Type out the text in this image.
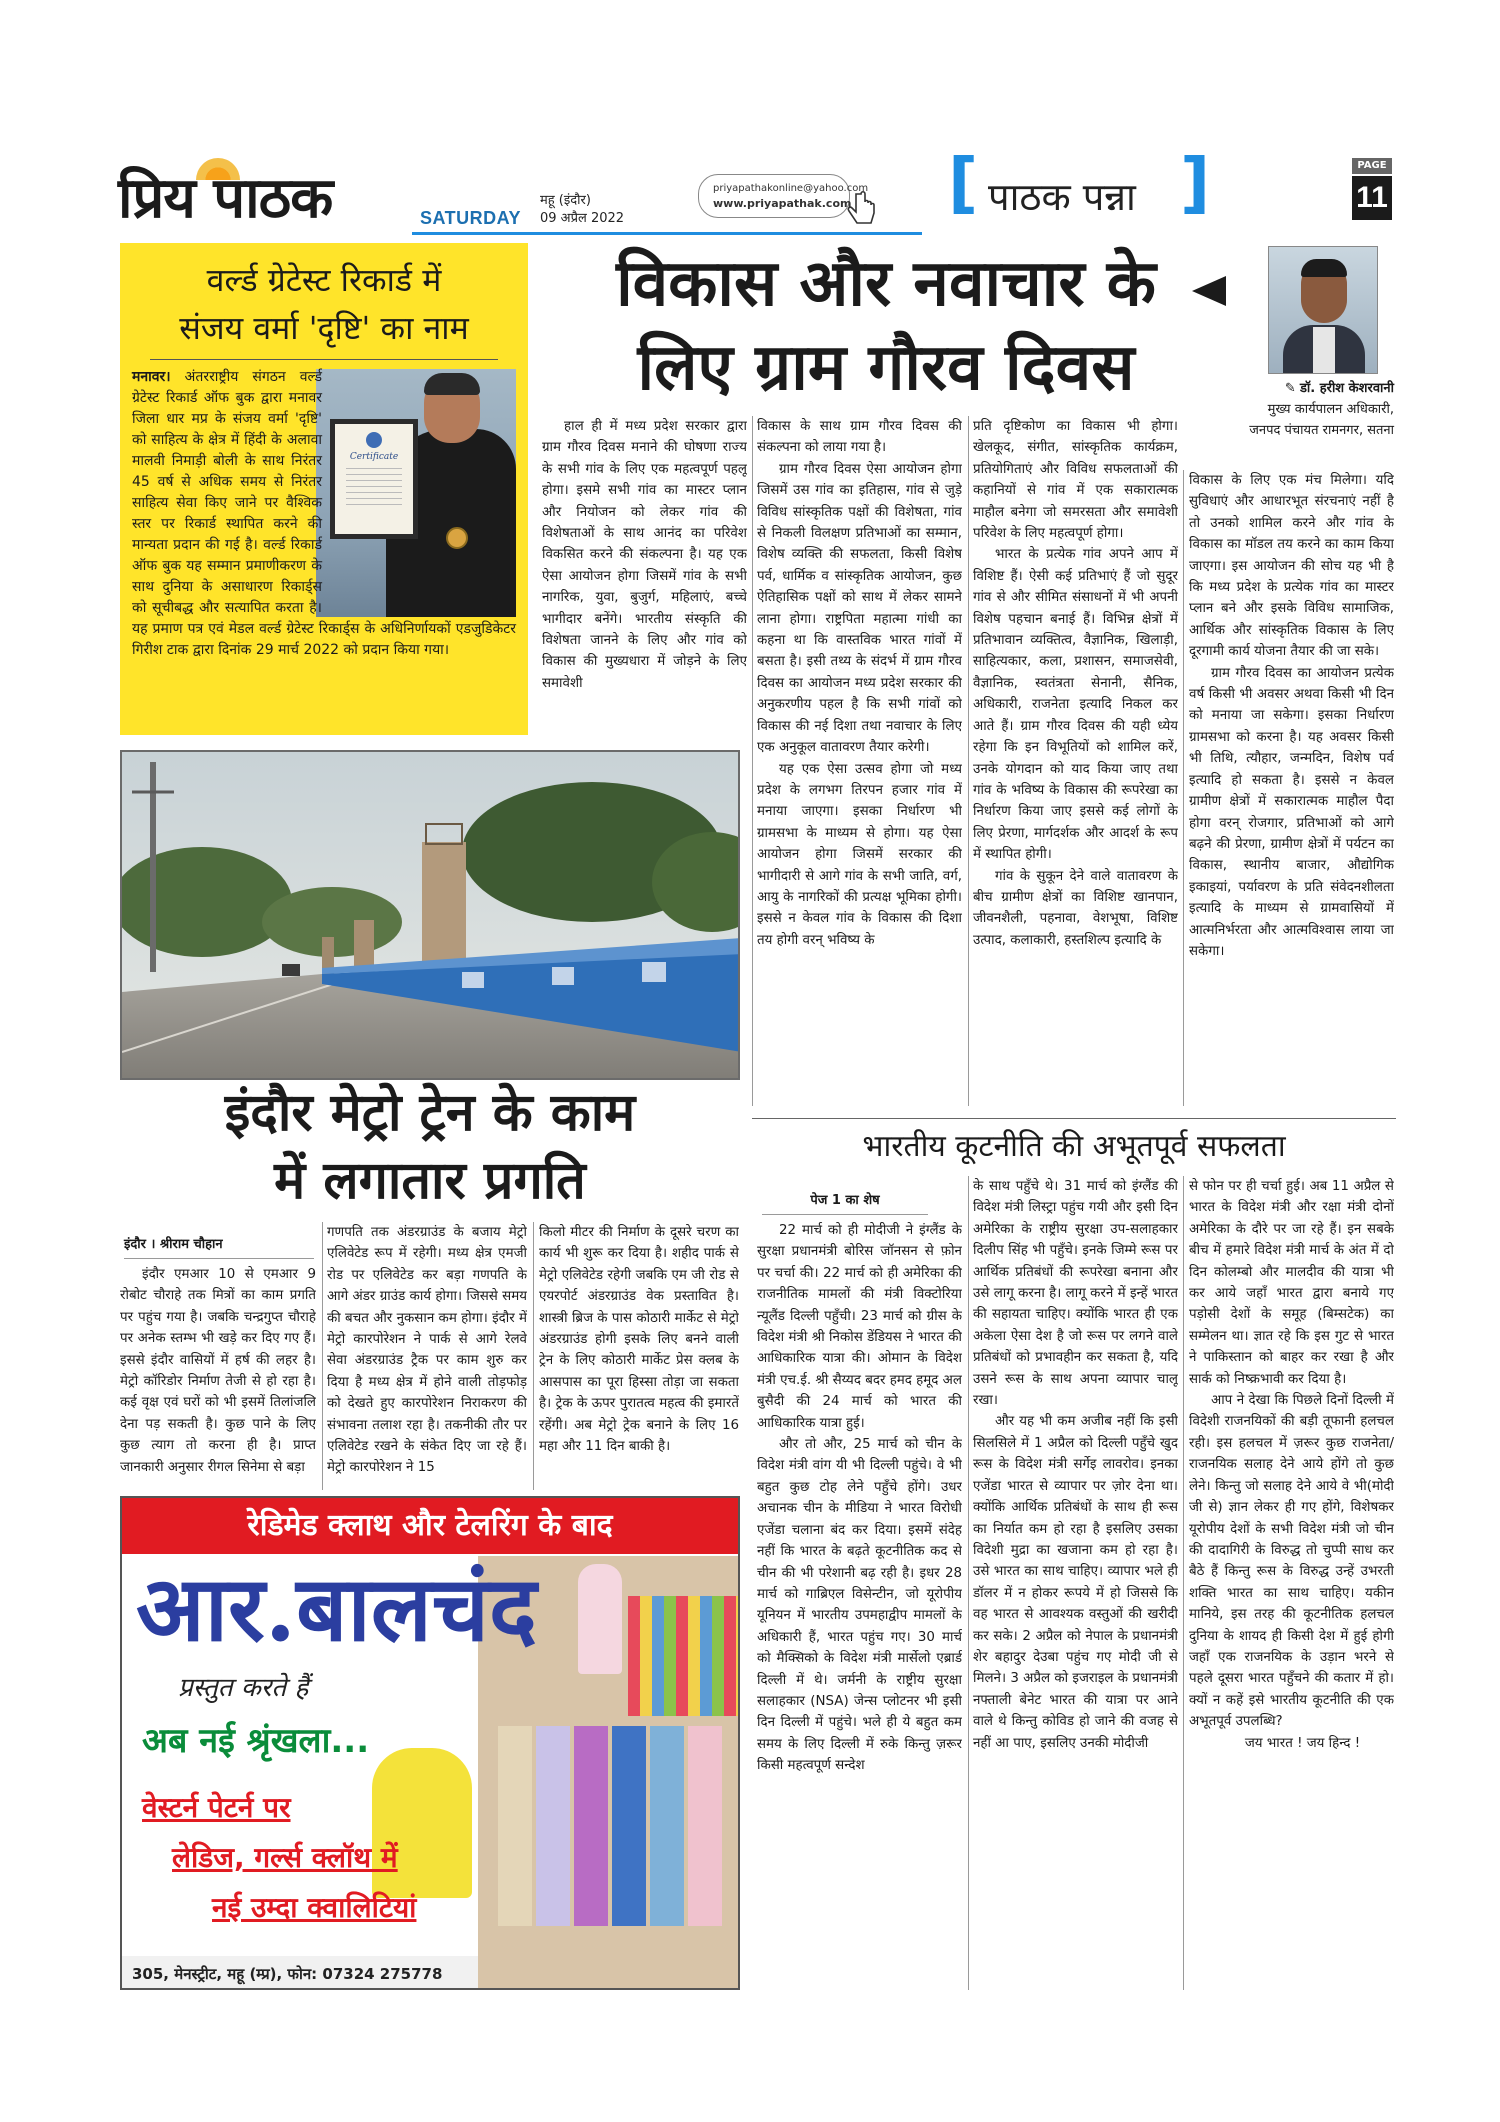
प्रिय पाठक	SATURDAY
महू (इंदौर)
09 अप्रैल 2022
priyapathakonline@yahoo.com
www.priyapathak.com [ पाठक पन्ना ]	PAGE
11
वर्ल्ड ग्रेटेस्ट रिकार्ड में
संजय वर्मा 'दृष्टि' का नाम
Certificate
मनावर। अंतरराष्ट्रीय संगठन वर्ल्ड ग्रेटेस्ट रिकार्ड ऑफ बुक द्वारा मनावर जिला धार मप्र के संजय वर्मा 'दृष्टि' को साहित्य के क्षेत्र में हिंदी के अलावा मालवी निमाड़ी बोली के साथ निरंतर 45 वर्ष से अधिक समय से निरंतर साहित्य सेवा किए जाने पर वैश्विक स्तर पर रिकार्ड स्थापित करने की मान्यता प्रदान की गई है। वर्ल्ड रिकार्ड ऑफ बुक यह सम्मान प्रमाणीकरण के साथ दुनिया के असाधारण रिकार्ड्स को सूचीबद्ध और सत्यापित करता है। यह प्रमाण पत्र एवं मेडल वर्ल्ड ग्रेटेस्ट रिकार्ड्स के अधिनिर्णायकों एडजुडिकेटर गिरीश टाक द्वारा दिनांक 29 मार्च 2022 को प्रदान किया गया।
विकास और नवाचार के
लिए ग्राम गौरव दिवस	✎ डॉ. हरीश केशरवानी
मुख्य कार्यपालन अधिकारी,
जनपद पंचायत रामनगर, सतना

हाल ही में मध्य प्रदेश सरकार द्वारा ग्राम गौरव दिवस मनाने की घोषणा राज्य के सभी गांव के लिए एक महत्वपूर्ण पहलू होगा। इसमे सभी गांव का मास्टर प्लान और नियोजन को लेकर गांव की विशेषताओं के साथ आनंद का परिवेश विकसित करने की संकल्पना है। यह एक ऐसा आयोजन होगा जिसमें गांव के सभी नागरिक, युवा, बुजुर्ग, महिलाएं, बच्चे भागीदार बनेंगे। भारतीय संस्कृति की विशेषता जानने के लिए और गांव को विकास की मुख्यधारा में जोड़ने के लिए समावेशी

विकास के साथ ग्राम गौरव दिवस की संकल्पना को लाया गया है।

ग्राम गौरव दिवस ऐसा आयोजन होगा जिसमें उस गांव का इतिहास, गांव से जुड़े विविध सांस्कृतिक पक्षों की विशेषता, गांव से निकली विलक्षण प्रतिभाओं का सम्मान, विशेष व्यक्ति की सफलता, किसी विशेष पर्व, धार्मिक व सांस्कृतिक आयोजन, कुछ ऐतिहासिक पक्षों को साथ में लेकर सामने लाना होगा। राष्ट्रपिता महात्मा गांधी का कहना था कि वास्तविक भारत गांवों में बसता है। इसी तथ्य के संदर्भ में ग्राम गौरव दिवस का आयोजन मध्य प्रदेश सरकार की अनुकरणीय पहल है कि सभी गांवों को विकास की नई दिशा तथा नवाचार के लिए एक अनुकूल वातावरण तैयार करेगी।

यह एक ऐसा उत्सव होगा जो मध्य प्रदेश के लगभग तिरपन हजार गांव में मनाया जाएगा। इसका निर्धारण भी ग्रामसभा के माध्यम से होगा। यह ऐसा आयोजन होगा जिसमें सरकार की भागीदारी से आगे गांव के सभी जाति, वर्ग, आयु के नागरिकों की प्रत्यक्ष भूमिका होगी। इससे न केवल गांव के विकास की दिशा तय होगी वरन् भविष्य के

प्रति दृष्टिकोण का विकास भी होगा। खेलकूद, संगीत, सांस्कृतिक कार्यक्रम, प्रतियोगिताएं और विविध सफलताओं की कहानियों से गांव में एक सकारात्मक माहौल बनेगा जो समरसता और समावेशी परिवेश के लिए महत्वपूर्ण होगा।

भारत के प्रत्येक गांव अपने आप में विशिष्ट हैं। ऐसी कई प्रतिभाएं हैं जो सुदूर गांव से और सीमित संसाधनों में भी अपनी विशेष पहचान बनाई हैं। विभिन्न क्षेत्रों में प्रतिभावान व्यक्तित्व, वैज्ञानिक, खिलाड़ी, साहित्यकार, कला, प्रशासन, समाजसेवी, वैज्ञानिक, स्वतंत्रता सेनानी, सैनिक, अधिकारी, राजनेता इत्यादि निकल कर आते हैं। ग्राम गौरव दिवस की यही ध्येय रहेगा कि इन विभूतियों को शामिल करें, उनके योगदान को याद किया जाए तथा गांव के भविष्य के विकास की रूपरेखा का निर्धारण किया जाए इससे कई लोगों के लिए प्रेरणा, मार्गदर्शक और आदर्श के रूप में स्थापित होगी।

गांव के सुकून देने वाले वातावरण के बीच ग्रामीण क्षेत्रों का विशिष्ट खानपान, जीवनशैली, पहनावा, वेशभूषा, विशिष्ट उत्पाद, कलाकारी, हस्तशिल्प इत्यादि के

विकास के लिए एक मंच मिलेगा। यदि सुविधाएं और आधारभूत संरचनाएं नहीं है तो उनको शामिल करने और गांव के विकास का मॉडल तय करने का काम किया जाएगा। इस आयोजन की सोच यह भी है कि मध्य प्रदेश के प्रत्येक गांव का मास्टर प्लान बने और इसके विविध सामाजिक, आर्थिक और सांस्कृतिक विकास के लिए दूरगामी कार्य योजना तैयार की जा सके।

ग्राम गौरव दिवस का आयोजन प्रत्येक वर्ष किसी भी अवसर अथवा किसी भी दिन को मनाया जा सकेगा। इसका निर्धारण ग्रामसभा को करना है। यह अवसर किसी भी तिथि, त्यौहार, जन्मदिन, विशेष पर्व इत्यादि हो सकता है। इससे न केवल ग्रामीण क्षेत्रों में सकारात्मक माहौल पैदा होगा वरन् रोजगार, प्रतिभाओं को आगे बढ़ने की प्रेरणा, ग्रामीण क्षेत्रों में पर्यटन का विकास, स्थानीय बाजार, औद्योगिक इकाइयां, पर्यावरण के प्रति संवेदनशीलता इत्यादि के माध्यम से ग्रामवासियों में आत्मनिर्भरता और आत्मविश्वास लाया जा सकेगा।

इंदौर मेट्रो ट्रेन के काम
में लगातार प्रगति
इंदौर । श्रीराम चौहान

इंदौर एमआर 10 से एमआर 9 रोबोट चौराहे तक मित्रों का काम प्रगति पर पहुंच गया है। जबकि चन्द्रगुप्त चौराहे पर अनेक स्तम्भ भी खड़े कर दिए गए हैं। इससे इंदौर वासियों में हर्ष की लहर है। मेट्रो कॉरिडोर निर्माण तेजी से हो रहा है। कई वृक्ष एवं घरों को भी इसमें तिलांजलि देना पड़ सकती है। कुछ पाने के लिए कुछ त्याग तो करना ही है। प्राप्त जानकारी अनुसार रीगल सिनेमा से बड़ा

गणपति तक अंडरग्राउंड के बजाय मेट्रो एलिवेटेड रूप में रहेगी। मध्य क्षेत्र एमजी रोड पर एलिवेटेड कर बड़ा गणपति के आगे अंडर ग्राउंड कार्य होगा। जिससे समय की बचत और नुकसान कम होगा। इंदौर में मेट्रो कारपोरेशन ने पार्क से आगे रेलवे सेवा अंडरग्राउंड ट्रैक पर काम शुरु कर दिया है मध्य क्षेत्र में होने वाली तोड़फोड़ को देखते हुए कारपोरेशन निराकरण की संभावना तलाश रहा है। तकनीकी तौर पर एलिवेटेड रखने के संकेत दिए जा रहे हैं। मेट्रो कारपोरेशन ने 15

किलो मीटर की निर्माण के दूसरे चरण का कार्य भी शुरू कर दिया है। शहीद पार्क से मेट्रो एलिवेटेड रहेगी जबकि एम जी रोड से एयरपोर्ट अंडरग्राउंड वेक प्रस्तावित है। शास्त्री ब्रिज के पास कोठारी मार्केट से मेट्रो अंडरग्राउंड होगी इसके लिए बनने वाली ट्रेन के लिए कोठारी मार्केट प्रेस क्लब के आसपास का पूरा हिस्सा तोड़ा जा सकता है। ट्रेक के ऊपर पुरातत्व महत्व की इमारतें रहेंगी। अब मेट्रो ट्रेक बनाने के लिए 16 महा और 11 दिन बाकी है।

भारतीय कूटनीति की अभूतपूर्व सफलता
पेज 1 का शेष

22 मार्च को ही मोदीजी ने इंग्लैंड के सुरक्षा प्रधानमंत्री बोरिस जॉनसन से फ़ोन पर चर्चा की। 22 मार्च को ही अमेरिका की राजनीतिक मामलों की मंत्री विक्टोरिया न्यूलैंड दिल्ली पहुँची। 23 मार्च को ग्रीस के विदेश मंत्री श्री निकोस डेंडियस ने भारत की आधिकारिक यात्रा की। ओमान के विदेश मंत्री एच.ई. श्री सैय्यद बदर हमद हमूद अल बुसैदी की 24 मार्च को भारत की आधिकारिक यात्रा हुई।

और तो और, 25 मार्च को चीन के विदेश मंत्री वांग यी भी दिल्ली पहुंचे। वे भी बहुत कुछ टोह लेने पहुँचे होंगे। उधर अचानक चीन के मीडिया ने भारत विरोधी एजेंडा चलाना बंद कर दिया। इसमें संदेह नहीं कि भारत के बढ़ते कूटनीतिक कद से चीन की भी परेशानी बढ़ रही है। इधर 28 मार्च को गाब्रिएल विसेन्टीन, जो यूरोपीय यूनियन में भारतीय उपमहाद्वीप मामलों के अधिकारी हैं, भारत पहुंच गए। 30 मार्च को मैक्सिको के विदेश मंत्री मार्सेलो एब्रार्ड दिल्ली में थे। जर्मनी के राष्ट्रीय सुरक्षा सलाहकार (NSA) जेन्स प्लोटनर भी इसी दिन दिल्ली में पहुंचे। भले ही ये बहुत कम समय के लिए दिल्ली में रुके किन्तु ज़रूर किसी महत्वपूर्ण सन्देश

के साथ पहुँचे थे। 31 मार्च को इंग्लैंड की विदेश मंत्री लिस्ट्रा पहुंच गयी और इसी दिन अमेरिका के राष्ट्रीय सुरक्षा उप-सलाहकार दिलीप सिंह भी पहुँचे। इनके जिम्मे रूस पर आर्थिक प्रतिबंधों की रूपरेखा बनाना और उसे लागू करना है। लागू करने में इन्हें भारत की सहायता चाहिए। क्योंकि भारत ही एक अकेला ऐसा देश है जो रूस पर लगने वाले प्रतिबंधों को प्रभावहीन कर सकता है, यदि उसने रूस के साथ अपना व्यापार चालू रखा।

और यह भी कम अजीब नहीं कि इसी सिलसिले में 1 अप्रैल को दिल्ली पहुँचे खुद रूस के विदेश मंत्री सर्गेइ लावरोव। इनका एजेंडा भारत से व्यापार पर ज़ोर देना था। क्योंकि आर्थिक प्रतिबंधों के साथ ही रूस का निर्यात कम हो रहा है इसलिए उसका विदेशी मुद्रा का खजाना कम हो रहा है। उसे भारत का साथ चाहिए। व्यापार भले ही डॉलर में न होकर रूपये में हो जिससे कि वह भारत से आवश्यक वस्तुओं की खरीदी कर सके। 2 अप्रैल को नेपाल के प्रधानमंत्री शेर बहादुर देउबा पहुंच गए मोदी जी से मिलने। 3 अप्रैल को इजराइल के प्रधानमंत्री नफ्ताली बेनेट भारत की यात्रा पर आने वाले थे किन्तु कोविड हो जाने की वजह से नहीं आ पाए, इसलिए उनकी मोदीजी

से फोन पर ही चर्चा हुई। अब 11 अप्रैल से भारत के विदेश मंत्री और रक्षा मंत्री दोनों अमेरिका के दौरे पर जा रहे हैं। इन सबके बीच में हमारे विदेश मंत्री मार्च के अंत में दो दिन कोलम्बो और मालदीव की यात्रा भी कर आये जहाँ भारत द्वारा बनाये गए पड़ोसी देशों के समूह (बिम्सटेक) का सम्मेलन था। ज्ञात रहे कि इस गुट से भारत ने पाकिस्तान को बाहर कर रखा है और सार्क को निष्क्रभावी कर दिया है।

आप ने देखा कि पिछले दिनों दिल्ली में विदेशी राजनयिकों की बड़ी तूफानी हलचल रही। इस हलचल में ज़रूर कुछ राजनेता/ राजनयिक सलाह देने आये होंगे तो कुछ लेने। किन्तु जो सलाह देने आये वे भी(मोदी जी से) ज्ञान लेकर ही गए होंगे, विशेषकर यूरोपीय देशों के सभी विदेश मंत्री जो चीन की दादागिरी के विरुद्ध तो चुप्पी साध कर बैठे हैं किन्तु रूस के विरुद्ध उन्हें उभरती शक्ति भारत का साथ चाहिए। यकीन मानिये, इस तरह की कूटनीतिक हलचल दुनिया के शायद ही किसी देश में हुई होगी जहाँ एक राजनयिक के उड़ान भरने से पहले दूसरा भारत पहुँचने की कतार में हो। क्यों न कहें इसे भारतीय कूटनीति की एक अभूतपूर्व उपलब्धि?

जय भारत ! जय हिन्द !

रेडिमेड क्लाथ और टेलरिंग के बाद
आर.बालचंद
प्रस्तुत करते हैं
अब नई श्रृंखला...
वेस्टर्न पेटर्न पर
लेडिज, गर्ल्स क्लॉथ में
नई उम्दा क्वालिटियां
305, मेनस्ट्रीट, महू (म्प्र), फोन: 07324 275778
